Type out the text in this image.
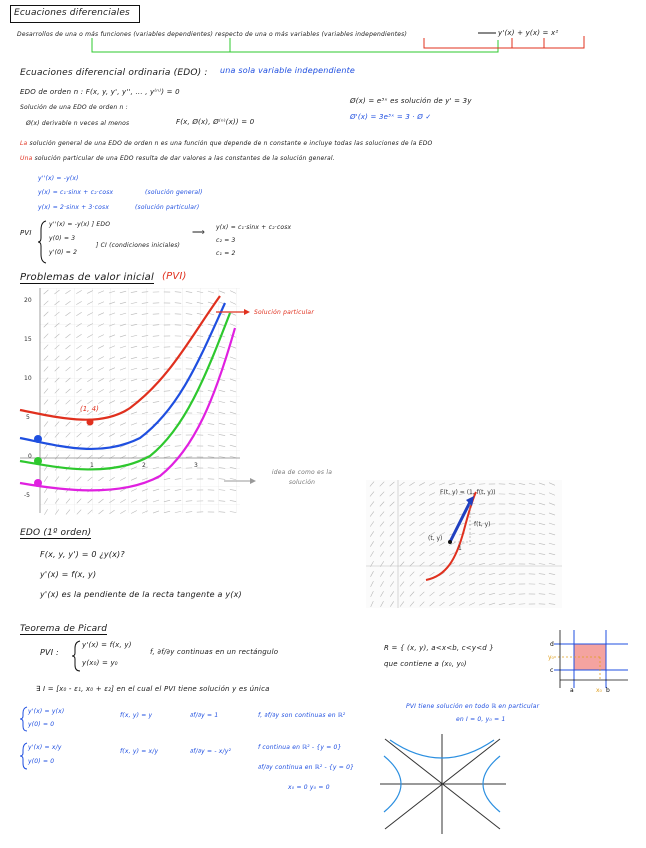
Ecuaciones diferenciales
Desarrollos de una o más funciones (variables dependientes) respecto de una o más variables (variables independientes)	y'(x) + y(x) = x²
Ecuaciones diferencial ordinaria (EDO) : una sola variable independiente
EDO de orden n : F(x, y, y', y'', ... , y⁽ⁿ⁾) = 0
Solución de una EDO de orden n :
Ø(x) derivable n veces al menos	F(x, Ø(x), Ø⁽ⁿ⁾(x)) = 0
Ø(x) = e³ˣ es solución de y' = 3y
Ø'(x) = 3e³ˣ = 3 · Ø ✓
La solución general de una EDO de orden n es una función que depende de n constante e incluye todas las soluciones de la EDO
Una solución particular de una EDO resulta de dar valores a las constantes de la solución general.
y''(x) = -y(x)
y(x) = c₁·sinx + c₂·cosx	(solución general)
y(x) = 2·sinx + 3·cosx	(solución particular)
PVI
y''(x) = -y(x) ] EDO
y(0) = 3
y'(0) = 2
] CI (condiciones iniciales)
⟹
y(x) = c₁·sinx + c₂·cosx
c₂ = 3
c₁ = 2
Problemas de valor inicial (PVI)
20
15
10
5
0
-5
1	2	3
(1, 4)
Solución particular
idea de como es la solución
F(t, y) = (1, f(t, y))
(t, y)
f(t, y)
1
EDO (1º orden)
F(x, y, y') = 0 ¿y(x)?
y'(x) = f(x, y)
y'(x) es la pendiente de la recta tangente a y(x)
Teorema de Picard
PVI :
y'(x) = f(x, y)
y(x₀) = y₀
f, ∂f/∂y continuas en un rectángulo	R = { (x, y), a<x<b, c<y<d }
que contiene a (x₀, y₀)
d
y₀
c
a	x₀ b
∃ I = [x₀ - ε₁, x₀ + ε₂] en el cual el PVI tiene solución y es única
y'(x) = y(x)
y(0) = 0
f(x, y) = y	∂f/∂y = 1	f, ∂f/∂y son continuas en ℝ²
PVI tiene solución en todo ℝ en particular
en I = 0, y₀ = 1
y'(x) = x/y
y(0) = 0
f(x, y) = x/y	∂f/∂y = - x/y²
f continua en ℝ² - {y = 0}
∂f/∂y continua en ℝ² - {y = 0}
x₀ = 0 y₀ = 0
